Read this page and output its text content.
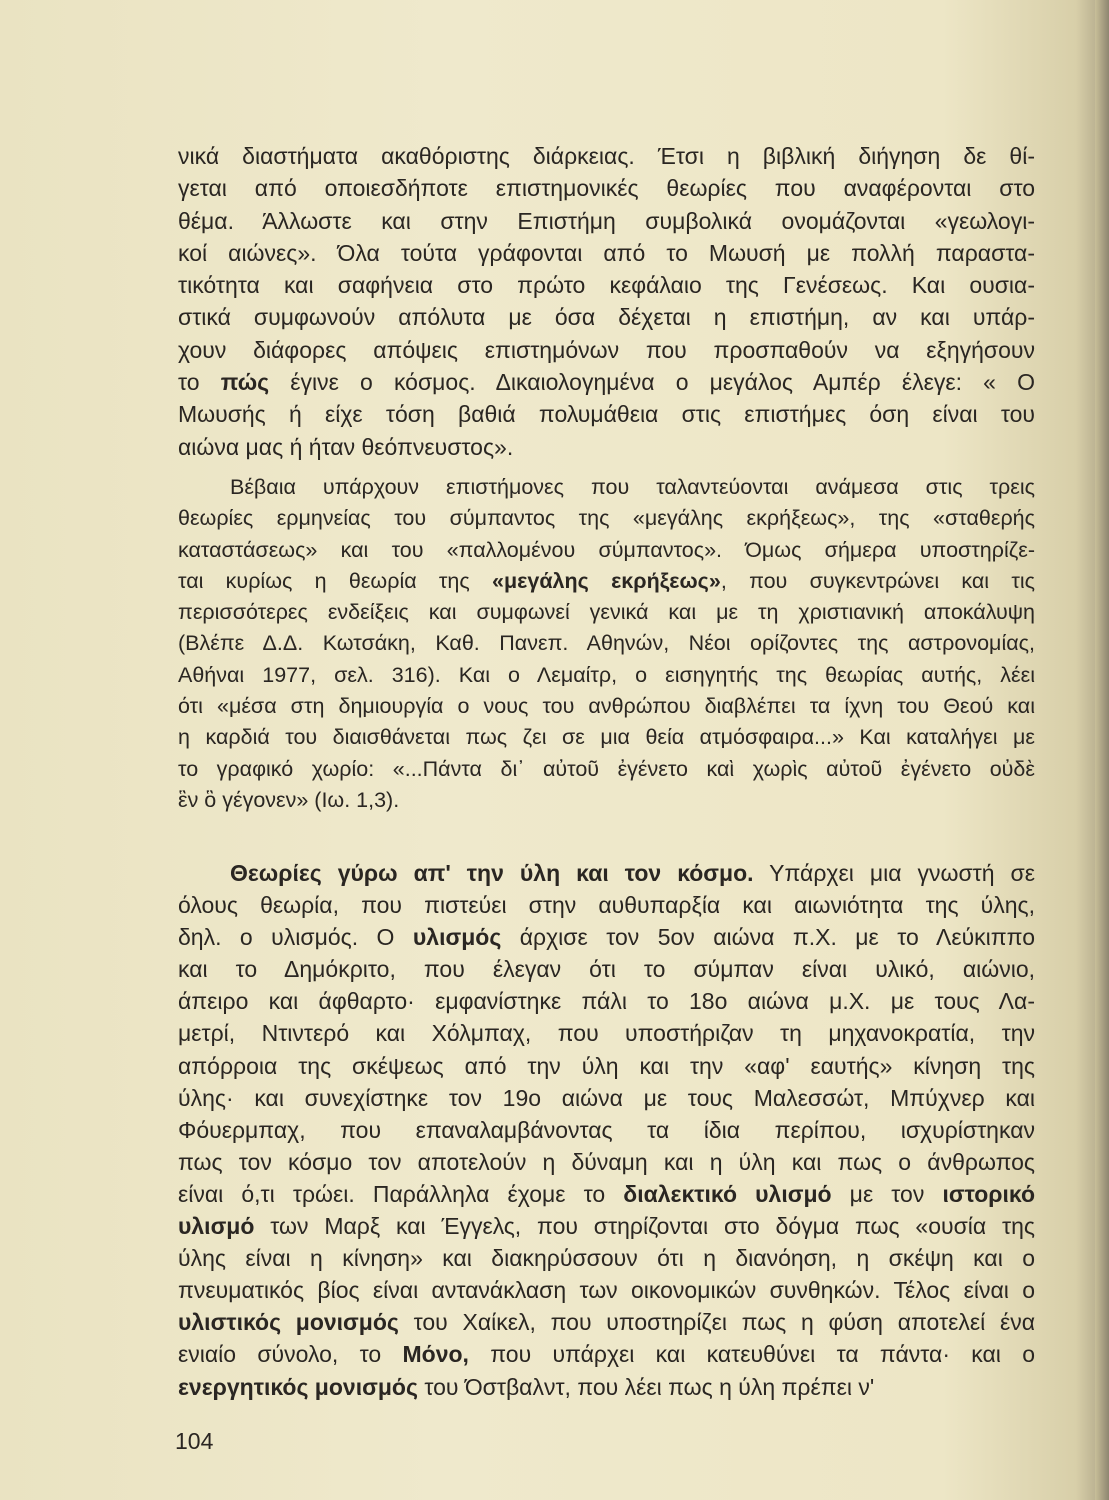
νικά διαστήματα ακαθόριστης διάρκειας. Έτσι η βιβλική διήγηση δε θί-
γεται από οποιεσδήποτε επιστημονικές θεωρίες που αναφέρονται στο
θέμα. Άλλωστε και στην Επιστήμη συμβολικά ονομάζονται «γεωλογι-
κοί αιώνες». Όλα τούτα γράφονται από το Μωυσή με πολλή παραστα-
τικότητα και σαφήνεια στο πρώτο κεφάλαιο της Γενέσεως. Και ουσια-
στικά συμφωνούν απόλυτα με όσα δέχεται η επιστήμη, αν και υπάρ-
χουν διάφορες απόψεις επιστημόνων που προσπαθούν να εξηγήσουν
το πώς έγινε ο κόσμος. Δικαιολογημένα ο μεγάλος Αμπέρ έλεγε: « Ο
Μωυσής ή είχε τόση βαθιά πολυμάθεια στις επιστήμες όση είναι του
αιώνα μας ή ήταν θεόπνευστος».
Βέβαια υπάρχουν επιστήμονες που ταλαντεύονται ανάμεσα στις τρεις
θεωρίες ερμηνείας του σύμπαντος της «μεγάλης εκρήξεως», της «σταθερής
καταστάσεως» και του «παλλομένου σύμπαντος». Όμως σήμερα υποστηρίζε-
ται κυρίως η θεωρία της «μεγάλης εκρήξεως», που συγκεντρώνει και τις
περισσότερες ενδείξεις και συμφωνεί γενικά και με τη χριστιανική αποκάλυψη
(Βλέπε Δ.Δ. Κωτσάκη, Καθ. Πανεπ. Αθηνών, Νέοι ορίζοντες της αστρονομίας,
Αθήναι 1977, σελ. 316). Και ο Λεμαίτρ, ο εισηγητής της θεωρίας αυτής, λέει
ότι «μέσα στη δημιουργία ο νους του ανθρώπου διαβλέπει τα ίχνη του Θεού και
η καρδιά του διαισθάνεται πως ζει σε μια θεία ατμόσφαιρα...» Και καταλήγει με
το γραφικό χωρίο: «...Πάντα δι᾿ αὐτοῦ ἐγένετο καὶ χωρὶς αὐτοῦ ἐγένετο οὐδὲ
ἓν ὃ γέγονεν» (Ιω. 1,3).
Θεωρίες γύρω απ' την ύλη και τον κόσμο. Υπάρχει μια γνωστή σε
όλους θεωρία, που πιστεύει στην αυθυπαρξία και αιωνιότητα της ύλης,
δηλ. ο υλισμός. Ο υλισμός άρχισε τον 5ον αιώνα π.Χ. με το Λεύκιππο
και το Δημόκριτο, που έλεγαν ότι το σύμπαν είναι υλικό, αιώνιο,
άπειρο και άφθαρτο· εμφανίστηκε πάλι το 18ο αιώνα μ.Χ. με τους Λα-
μετρί, Ντιντερό και Χόλμπαχ, που υποστήριζαν τη μηχανοκρατία, την
απόρροια της σκέψεως από την ύλη και την «αφ' εαυτής» κίνηση της
ύλης· και συνεχίστηκε τον 19ο αιώνα με τους Μαλεσσώτ, Μπύχνερ και
Φόυερμπαχ, που επαναλαμβάνοντας τα ίδια περίπου, ισχυρίστηκαν
πως τον κόσμο τον αποτελούν η δύναμη και η ύλη και πως ο άνθρωπος
είναι ό,τι τρώει. Παράλληλα έχομε το διαλεκτικό υλισμό με τον ιστορικό
υλισμό των Μαρξ και Έγγελς, που στηρίζονται στο δόγμα πως «ουσία της
ύλης είναι η κίνηση» και διακηρύσσουν ότι η διανόηση, η σκέψη και ο
πνευματικός βίος είναι αντανάκλαση των οικονομικών συνθηκών. Τέλος είναι ο
υλιστικός μονισμός του Χαίκελ, που υποστηρίζει πως η φύση αποτελεί ένα
ενιαίο σύνολο, το Μόνο, που υπάρχει και κατευθύνει τα πάντα· και ο
ενεργητικός μονισμός του Όστβαλντ, που λέει πως η ύλη πρέπει ν'
104
